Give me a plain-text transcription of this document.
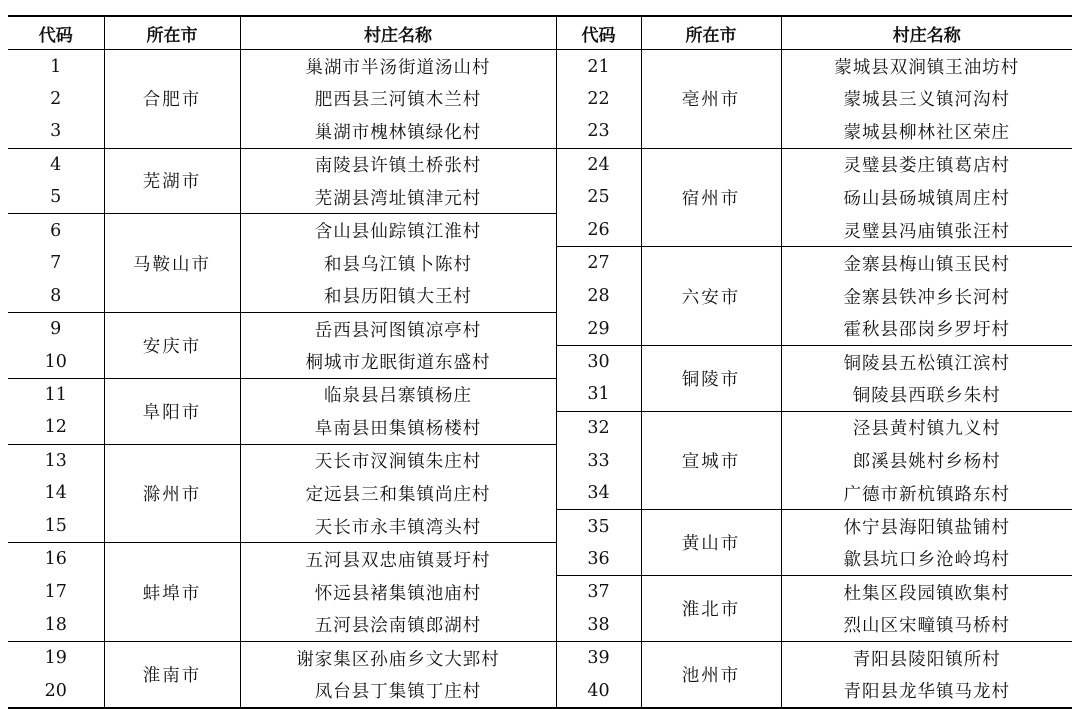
代码	所在市	村庄名称	代码	所在市	村庄名称
1	合肥市	巢湖市半汤街道汤山村	21	亳州市	蒙城县双涧镇王油坊村
2		肥西县三河镇木兰村	22		蒙城县三义镇河沟村
3		巢湖市槐林镇绿化村	23		蒙城县柳林社区荣庄
4	芜湖市	南陵县许镇土桥张村	24	宿州市	灵璧县娄庄镇葛店村
5		芜湖县湾址镇津元村	25		砀山县砀城镇周庄村
6	马鞍山市	含山县仙踪镇江淮村	26		灵璧县冯庙镇张汪村
7		和县乌江镇卜陈村	27	六安市	金寨县梅山镇玉民村
8		和县历阳镇大王村	28		金寨县铁冲乡长河村
9	安庆市	岳西县河图镇凉亭村	29		霍秋县邵岗乡罗圩村
10		桐城市龙眠街道东盛村	30	铜陵市	铜陵县五松镇江滨村
11	阜阳市	临泉县吕寨镇杨庄	31		铜陵县西联乡朱村
12		阜南县田集镇杨楼村	32	宣城市	泾县黄村镇九义村
13	滁州市	天长市汊涧镇朱庄村	33		郎溪县姚村乡杨村
14		定远县三和集镇尚庄村	34		广德市新杭镇路东村
15		天长市永丰镇湾头村	35	黄山市	休宁县海阳镇盐铺村
16	蚌埠市	五河县双忠庙镇聂圩村	36		歙县坑口乡沧岭坞村
17		怀远县褚集镇池庙村	37	淮北市	杜集区段园镇欧集村
18		五河县浍南镇郎湖村	38		烈山区宋疃镇马桥村
19	淮南市	谢家集区孙庙乡文大郢村	39	池州市	青阳县陵阳镇所村
20		凤台县丁集镇丁庄村	40		青阳县龙华镇马龙村
